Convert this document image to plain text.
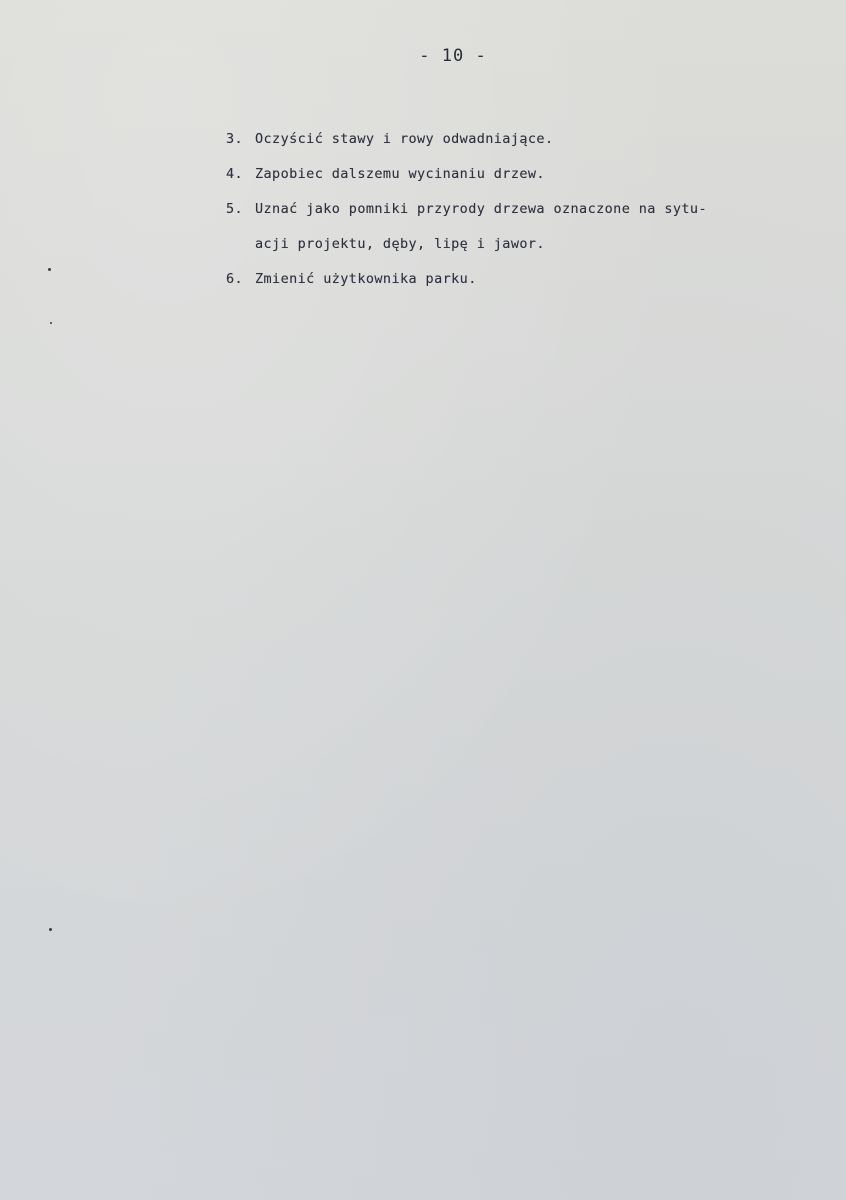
- 10 -
3. Oczyścić stawy i rowy odwadniające.
4. Zapobiec dalszemu wycinaniu drzew.
5. Uznać jako pomniki przyrody drzewa oznaczone na sytu-
acji projektu, dęby, lipę i jawor.
6. Zmienić użytkownika parku.
